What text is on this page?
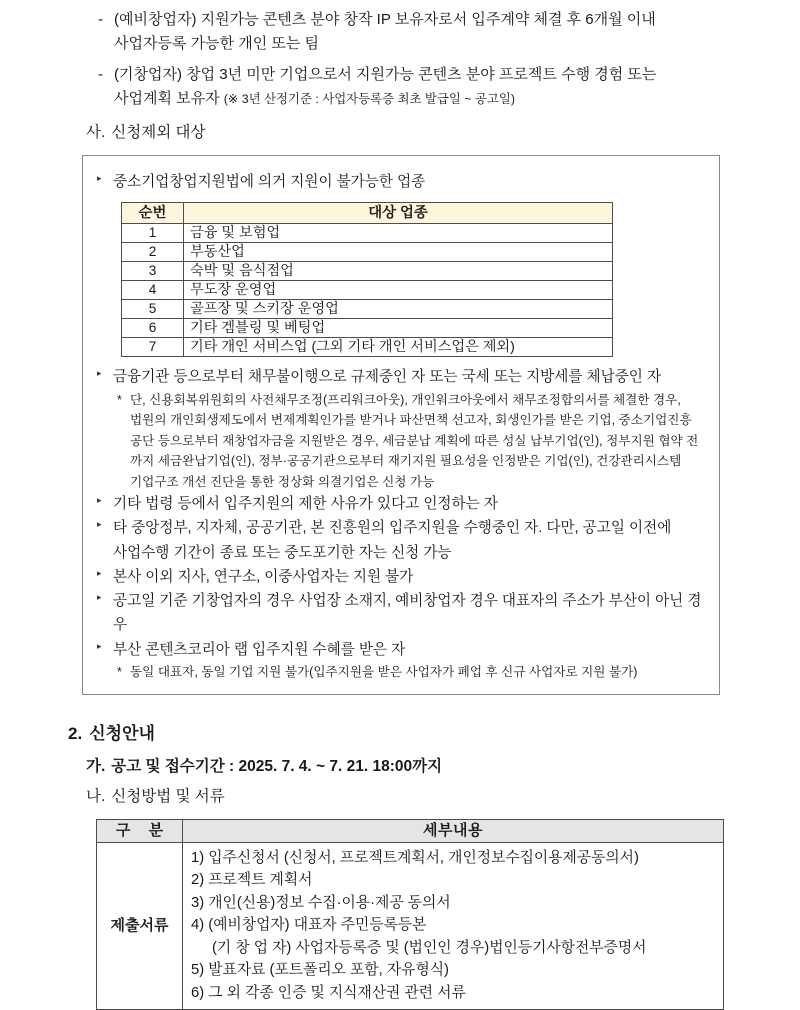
- (예비창업자) 지원가능 콘텐츠 분야 창작 IP 보유자로서 입주계약 체결 후 6개월 이내
사업자등록 가능한 개인 또는 팀
- (기창업자) 창업 3년 미만 기업으로서 지원가능 콘텐츠 분야 프로젝트 수행 경험 또는
사업계획 보유자 (※ 3년 산정기준 : 사업자등록증 최초 발급일 ~ 공고일)
사. 신청제외 대상
▸ 중소기업창업지원법에 의거 지원이 불가능한 업종
순번	대상 업종
1	금융 및 보험업
2	부동산업
3	숙박 및 음식점업
4	무도장 운영업
5	골프장 및 스키장 운영업
6	기타 겜블링 및 베팅업
7	기타 개인 서비스업 (그외 기타 개인 서비스업은 제외)
▸ 금융기관 등으로부터 채무불이행으로 규제중인 자 또는 국세 또는 지방세를 체납중인 자
* 단, 신용회복위원회의 사전채무조정(프리워크아웃), 개인워크아웃에서 채무조정합의서를 체결한 경우,
법원의 개인회생제도에서 변제계획인가를 받거나 파산면책 선고자, 회생인가를 받은 기업, 중소기업진흥
공단 등으로부터 재창업자금을 지원받은 경우, 세금분납 계획에 따른 성실 납부기업(인), 정부지원 협약 전
까지 세금완납기업(인), 정부·공공기관으로부터 재기지원 필요성을 인정받은 기업(인), 건강관리시스템
기업구조 개선 진단을 통한 정상화 의결기업은 신청 가능
▸ 기타 법령 등에서 입주지원의 제한 사유가 있다고 인정하는 자
▸ 타 중앙정부, 지자체, 공공기관, 본 진흥원의 입주지원을 수행중인 자. 다만, 공고일 이전에
사업수행 기간이 종료 또는 중도포기한 자는 신청 가능
▸ 본사 이외 지사, 연구소, 이중사업자는 지원 불가
▸ 공고일 기준 기창업자의 경우 사업장 소재지, 예비창업자 경우 대표자의 주소가 부산이 아닌 경우
▸ 부산 콘텐츠코리아 랩 입주지원 수혜를 받은 자
* 동일 대표자, 동일 기업 지원 불가(입주지원을 받은 사업자가 폐업 후 신규 사업자로 지원 불가)
2. 신청안내
가. 공고 및 접수기간 : 2025. 7. 4. ~ 7. 21. 18:00까지
나. 신청방법 및 서류
구 분	세부내용
제출서류	
1) 입주신청서 (신청서, 프로젝트계획서, 개인정보수집이용제공동의서)
2) 프로젝트 계획서
3) 개인(신용)정보 수집·이용·제공 동의서
4) (예비창업자) 대표자 주민등록등본
(기 창 업 자) 사업자등록증 및 (법인인 경우)법인등기사항전부증명서
5) 발표자료 (포트폴리오 포함, 자유형식)
6) 그 외 각종 인증 및 지식재산권 관련 서류
